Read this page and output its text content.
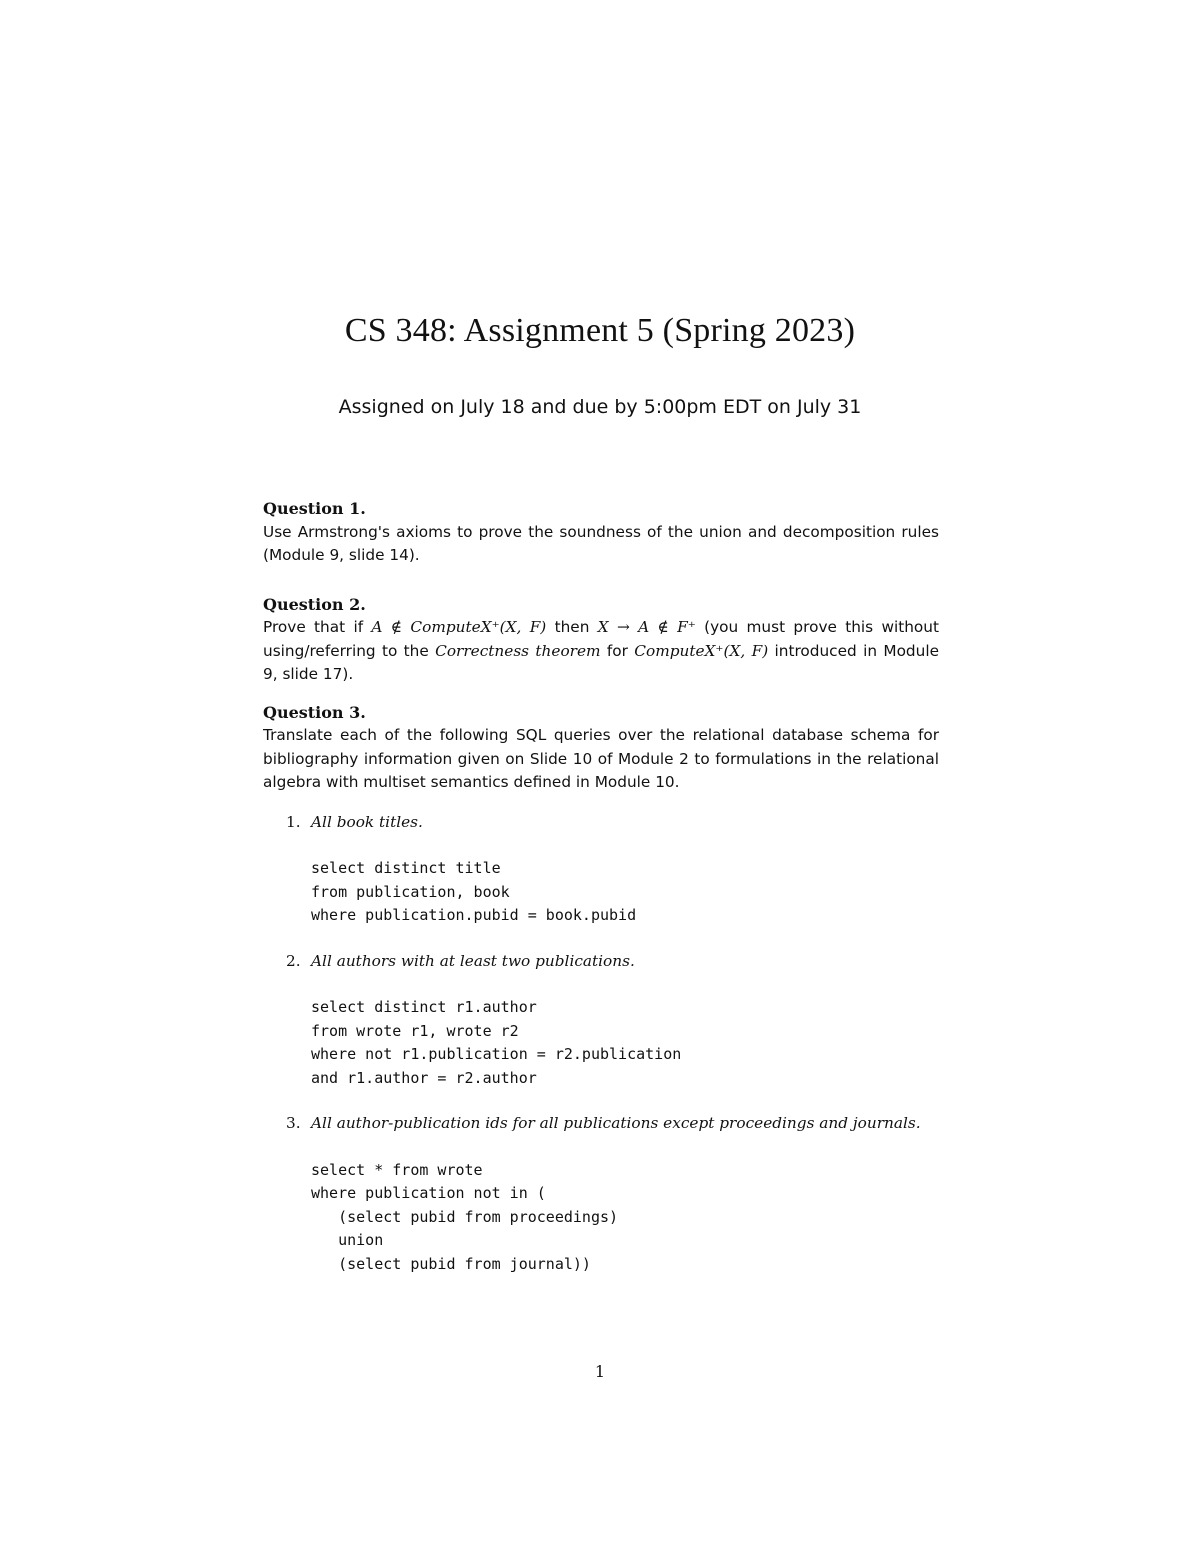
CS 348: Assignment 5 (Spring 2023)
Assigned on July 18 and due by 5:00pm EDT on July 31

Question 1.

Use Armstrong's axioms to prove the soundness of the union and decomposition rules (Module 9, slide 14).

Question 2.

Prove that if A ∉ ComputeX⁺(X, F) then X → A ∉ F⁺ (you must prove this without using/referring to the Correctness theorem for ComputeX⁺(X, F) introduced in Module 9, slide 17).

Question 3.

Translate each of the following SQL queries over the relational database schema for bibliography information given on Slide 10 of Module 2 to formulations in the relational algebra with multiset semantics defined in Module 10.

1. All book titles.

select distinct title
from publication, book
where publication.pubid = book.pubid
2. All authors with at least two publications.

select distinct r1.author
from wrote r1, wrote r2
where not r1.publication = r2.publication
and r1.author = r2.author
3. All author-publication ids for all publications except proceedings and journals.

select * from wrote
where publication not in (
(select pubid from proceedings)
union
(select pubid from journal))
1
